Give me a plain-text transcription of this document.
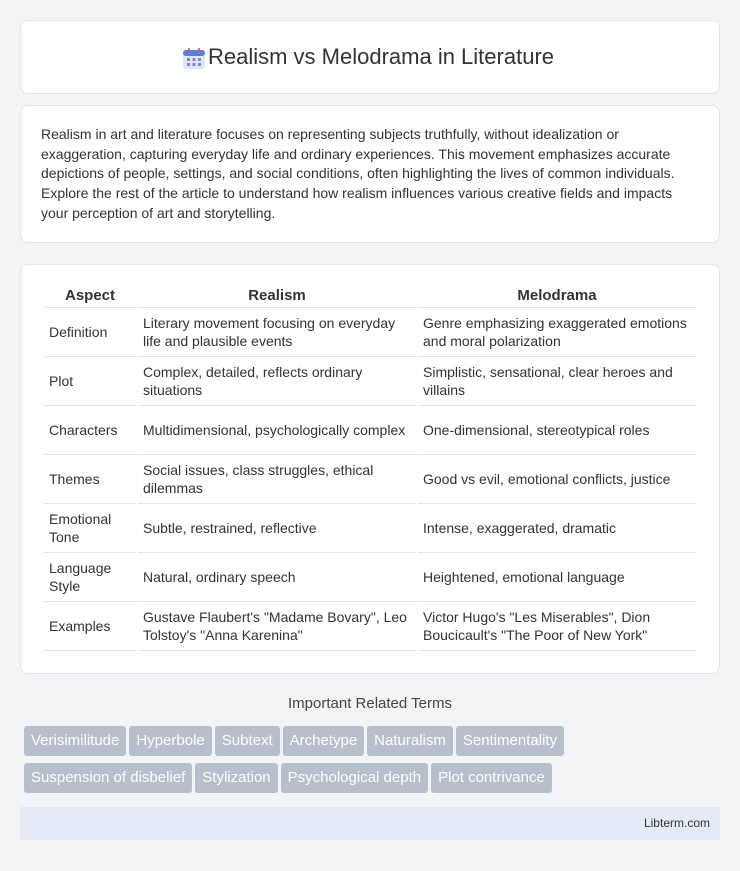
Realism vs Melodrama in Literature

Realism in art and literature focuses on representing subjects truthfully, without idealization or exaggeration, capturing everyday life and ordinary experiences. This movement emphasizes accurate depictions of people, settings, and social conditions, often highlighting the lives of common individuals. Explore the rest of the article to understand how realism influences various creative fields and impacts your perception of art and storytelling.

Aspect	Realism	Melodrama
Definition	Literary movement focusing on everyday life and plausible events	Genre emphasizing exaggerated emotions and moral polarization
Plot	Complex, detailed, reflects ordinary situations	Simplistic, sensational, clear heroes and villains
Characters	Multidimensional, psychologically complex	One-dimensional, stereotypical roles
Themes	Social issues, class struggles, ethical dilemmas	Good vs evil, emotional conflicts, justice
Emotional Tone	Subtle, restrained, reflective	Intense, exaggerated, dramatic
Language Style	Natural, ordinary speech	Heightened, emotional language
Examples	Gustave Flaubert's "Madame Bovary", Leo Tolstoy's "Anna Karenina"	Victor Hugo's "Les Miserables", Dion Boucicault's "The Poor of New York"
Important Related Terms
Verisimilitude Hyperbole Subtext Archetype Naturalism Sentimentality
Suspension of disbelief Stylization Psychological depth Plot contrivance
Libterm.com
